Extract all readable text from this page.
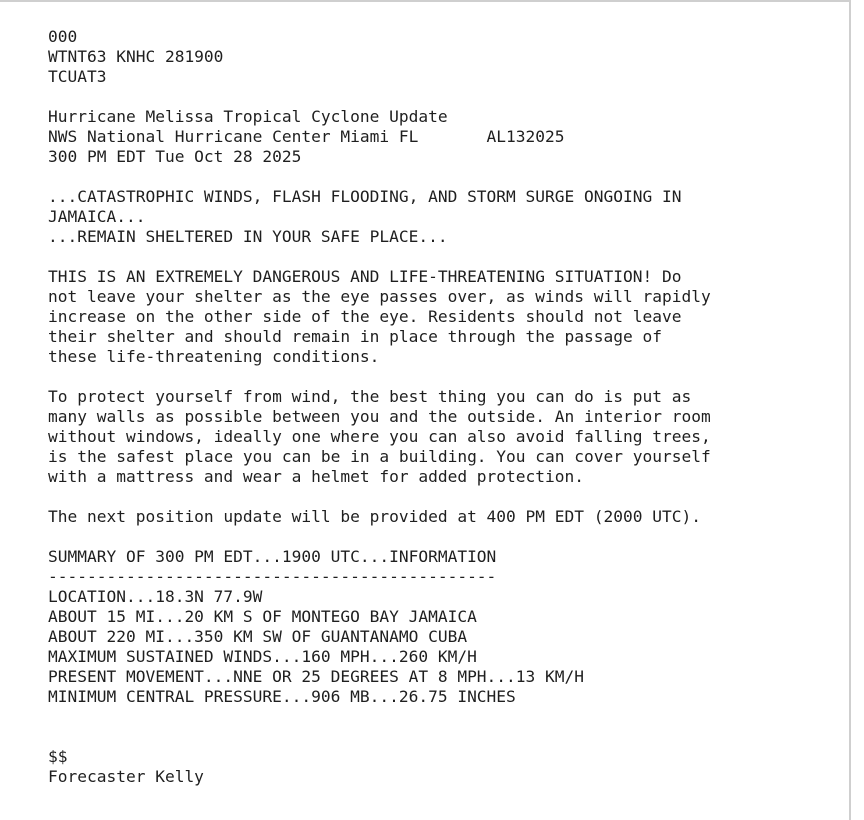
000
WTNT63 KNHC 281900
TCUAT3
Hurricane Melissa Tropical Cyclone Update
NWS National Hurricane Center Miami FL       AL132025
300 PM EDT Tue Oct 28 2025
...CATASTROPHIC WINDS, FLASH FLOODING, AND STORM SURGE ONGOING IN
JAMAICA...
...REMAIN SHELTERED IN YOUR SAFE PLACE...
THIS IS AN EXTREMELY DANGEROUS AND LIFE-THREATENING SITUATION! Do
not leave your shelter as the eye passes over, as winds will rapidly
increase on the other side of the eye. Residents should not leave
their shelter and should remain in place through the passage of
these life-threatening conditions.
To protect yourself from wind, the best thing you can do is put as
many walls as possible between you and the outside. An interior room
without windows, ideally one where you can also avoid falling trees,
is the safest place you can be in a building. You can cover yourself
with a mattress and wear a helmet for added protection.
The next position update will be provided at 400 PM EDT (2000 UTC).
SUMMARY OF 300 PM EDT...1900 UTC...INFORMATION
----------------------------------------------
LOCATION...18.3N 77.9W
ABOUT 15 MI...20 KM S OF MONTEGO BAY JAMAICA
ABOUT 220 MI...350 KM SW OF GUANTANAMO CUBA
MAXIMUM SUSTAINED WINDS...160 MPH...260 KM/H
PRESENT MOVEMENT...NNE OR 25 DEGREES AT 8 MPH...13 KM/H
MINIMUM CENTRAL PRESSURE...906 MB...26.75 INCHES
$$
Forecaster Kelly
